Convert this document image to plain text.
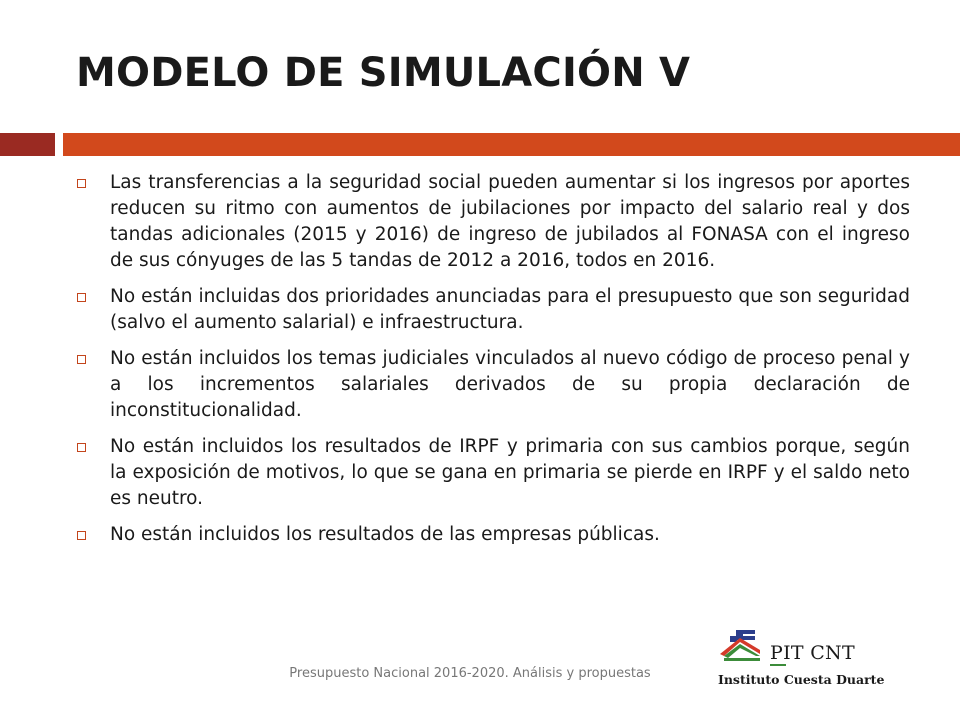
MODELO DE SIMULACIÓN V
Las transferencias a la seguridad social pueden aumentar si los ingresos por aportes reducen su ritmo con aumentos de jubilaciones por impacto del salario real y dos tandas adicionales (2015 y 2016) de ingreso de jubilados al FONASA con el ingreso de sus cónyuges de las 5 tandas de 2012 a 2016, todos en 2016.
No están incluidas dos prioridades anunciadas para el presupuesto que son seguridad (salvo el aumento salarial) e infraestructura.
No están incluidos los temas judiciales vinculados al nuevo código de proceso penal y a los incrementos salariales derivados de su propia declaración de inconstitucionalidad.
No están incluidos los resultados de IRPF y primaria con sus cambios porque, según la exposición de motivos, lo que se gana en primaria se pierde en IRPF y el saldo neto es neutro.
No están incluidos los resultados de las empresas públicas.
Presupuesto Nacional 2016-2020. Análisis y propuestas
PIT CNT
Instituto Cuesta Duarte
